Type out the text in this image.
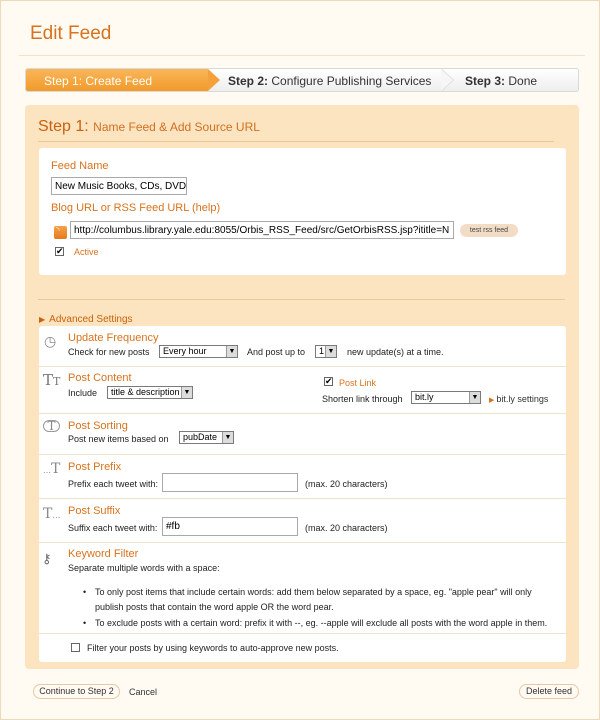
Edit Feed
Step 1: Create Feed	Step 2: Configure Publishing Services	Step 3: Done
Step 1: Name Feed & Add Source URL
Feed Name
New Music Books, CDs, DVD
Blog URL or RSS Feed URL (help)
◝
http://columbus.library.yale.edu:8055/Orbis_RSS_Feed/src/GetOrbisRSS.jsp?ititle=N	test rss feed
✔ Active
▶ Advanced Settings
◷ Update Frequency
Check for new posts	Every hour	▼ And post up to	1 ▼ new update(s) at a time.
TT Post Content
Include	title & description ▼
✔ Post Link
Shorten link through	bit.ly	▼ ▶ bit.ly settings
T	Post Sorting
Post new items based on	pubDate	▼
…T Post Prefix
Prefix each tweet with:	(max. 20 characters)
T… Post Suffix
Suffix each tweet with: #fb	(max. 20 characters)
⚷ Keyword Filter
Separate multiple words with a space:
• To only post items that include certain words: add them below separated by a space, eg. "apple pear" will only
publish posts that contain the word apple OR the word pear.
• To exclude posts with a certain word: prefix it with --, eg. --apple will exclude all posts with the word apple in them.
Filter your posts by using keywords to auto-approve new posts.
Continue to Step 2	Cancel	Delete feed
